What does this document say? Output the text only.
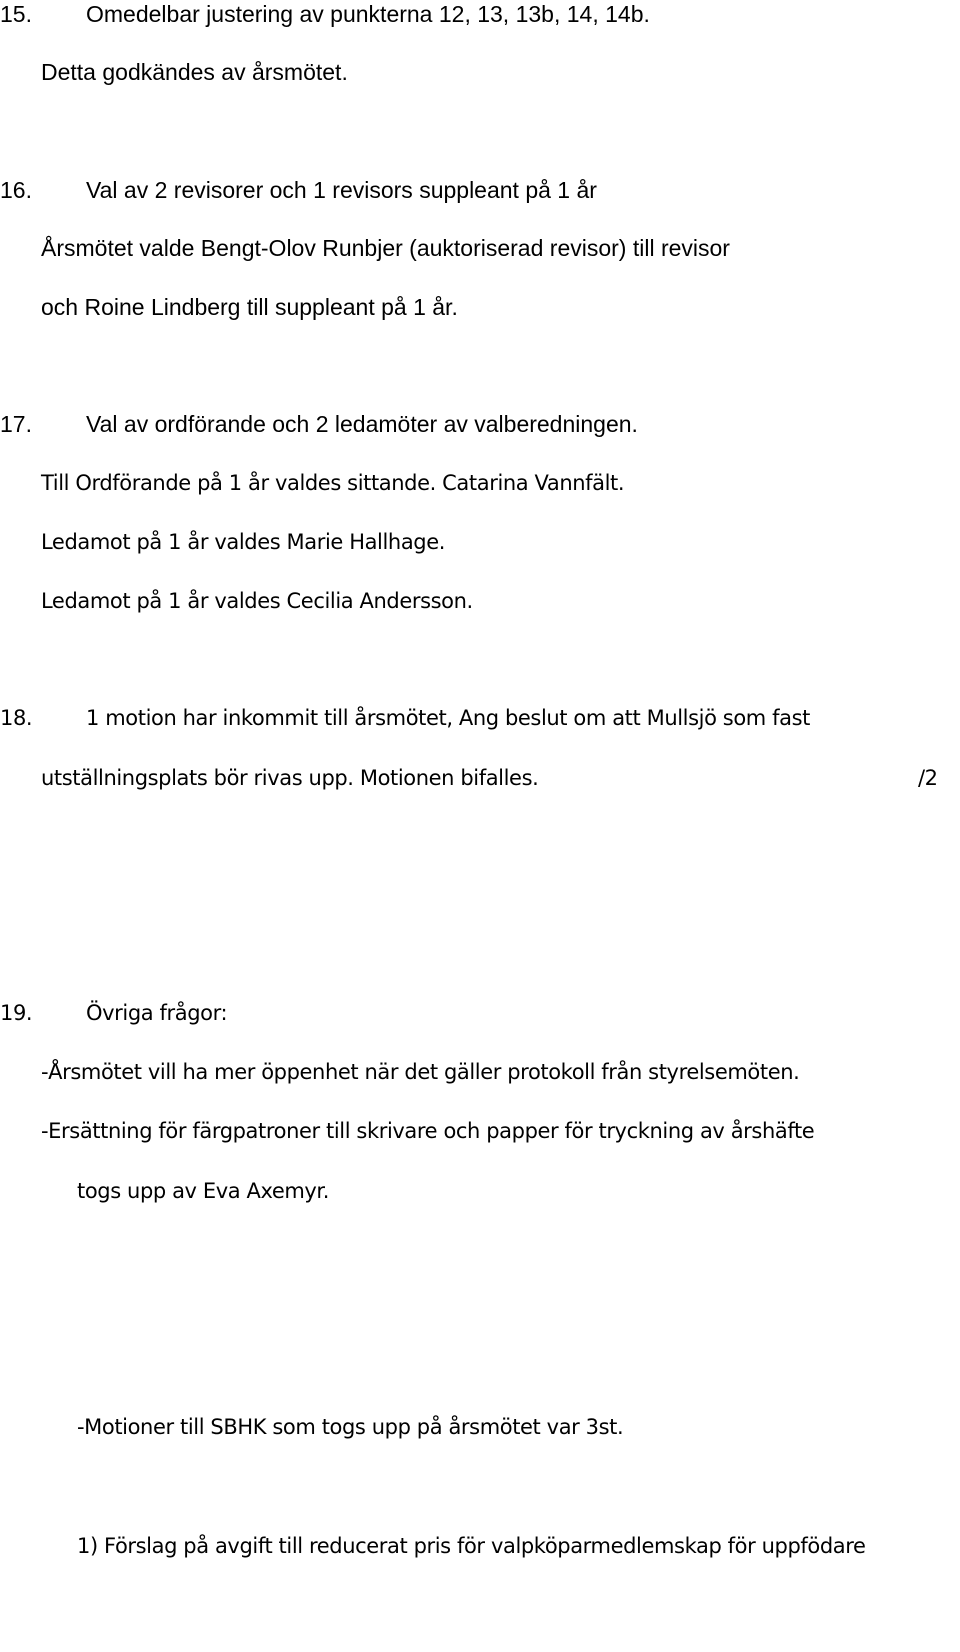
15. Omedelbar justering av punkterna 12, 13, 13b, 14, 14b.
Detta godkändes av årsmötet.
16. Val av 2 revisorer och 1 revisors suppleant på 1 år
Årsmötet valde Bengt-Olov Runbjer (auktoriserad revisor) till revisor
och Roine Lindberg till suppleant på 1 år.
17. Val av ordförande och 2 ledamöter av valberedningen.
Till Ordförande på 1 år valdes sittande. Catarina Vannfält.
Ledamot på 1 år valdes Marie Hallhage.
Ledamot på 1 år valdes Cecilia Andersson.
18.	1 motion har inkommit till årsmötet, Ang beslut om att Mullsjö som fast
utställningsplats bör rivas upp. Motionen bifalles.	/2
19.	Övriga frågor:
-Årsmötet vill ha mer öppenhet när det gäller protokoll från styrelsemöten.
-Ersättning för färgpatroner till skrivare och papper för tryckning av årshäfte
togs upp av Eva Axemyr.
-Motioner till SBHK som togs upp på årsmötet var 3st.
1) Förslag på avgift till reducerat pris för valpköparmedlemskap för uppfödare
